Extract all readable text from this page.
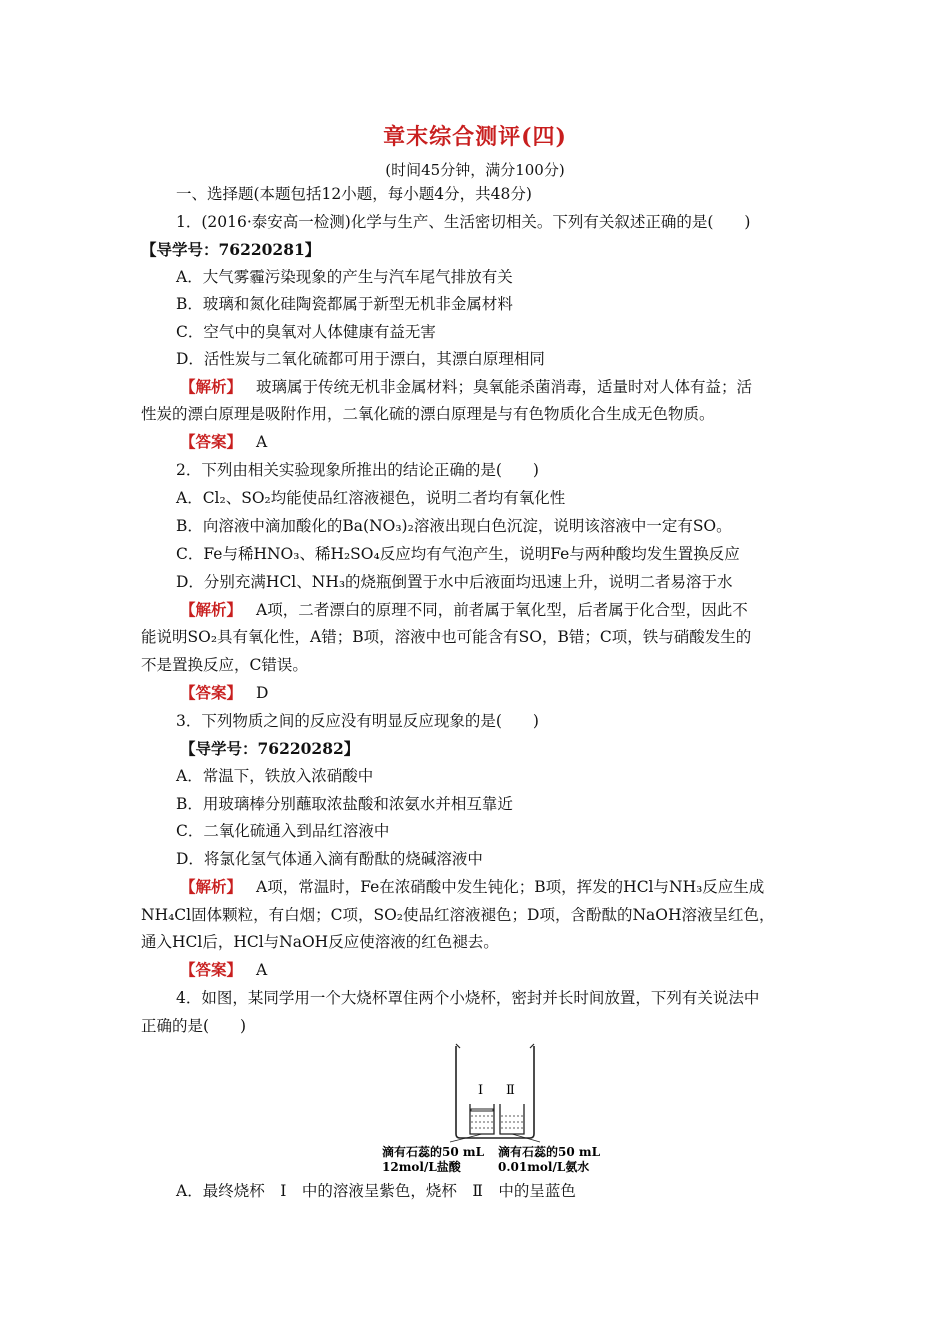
章末综合测评(四)
(时间45分钟，满分100分)
一、选择题(本题包括12小题，每小题4分，共48分)
1．(2016·泰安高一检测)化学与生产、生活密切相关。下列有关叙述正确的是(　　)
【导学号：76220281】
A．大气雾霾污染现象的产生与汽车尾气排放有关
B．玻璃和氮化硅陶瓷都属于新型无机非金属材料
C．空气中的臭氧对人体健康有益无害
D．活性炭与二氧化硫都可用于漂白，其漂白原理相同
【解析】 玻璃属于传统无机非金属材料；臭氧能杀菌消毒，适量时对人体有益；活
性炭的漂白原理是吸附作用，二氧化硫的漂白原理是与有色物质化合生成无色物质。
【答案】 A
2．下列由相关实验现象所推出的结论正确的是(　　)
A．Cl₂、SO₂均能使品红溶液褪色，说明二者均有氧化性
B．向溶液中滴加酸化的Ba(NO₃)₂溶液出现白色沉淀，说明该溶液中一定有SO。
C．Fe与稀HNO₃、稀H₂SO₄反应均有气泡产生，说明Fe与两种酸均发生置换反应
D．分别充满HCl、NH₃的烧瓶倒置于水中后液面均迅速上升，说明二者易溶于水
【解析】 A项，二者漂白的原理不同，前者属于氧化型，后者属于化合型，因此不
能说明SO₂具有氧化性，A错；B项，溶液中也可能含有SO，B错；C项，铁与硝酸发生的
不是置换反应，C错误。
【答案】 D
3．下列物质之间的反应没有明显反应现象的是(　　)
【导学号：76220282】
A．常温下，铁放入浓硝酸中
B．用玻璃棒分别蘸取浓盐酸和浓氨水并相互靠近
C．二氧化硫通入到品红溶液中
D．将氯化氢气体通入滴有酚酞的烧碱溶液中
【解析】 A项，常温时，Fe在浓硝酸中发生钝化；B项，挥发的HCl与NH₃反应生成
NH₄Cl固体颗粒，有白烟；C项，SO₂使品红溶液褪色；D项，含酚酞的NaOH溶液呈红色，
通入HCl后，HCl与NaOH反应使溶液的红色褪去。
【答案】 A
4．如图，某同学用一个大烧杯罩住两个小烧杯，密封并长时间放置，下列有关说法中
正确的是(　　)
Ⅰ Ⅱ
滴有石蕊的50 mL
12mol/L盐酸
滴有石蕊的50 mL
0.01mol/L氨水
A．最终烧杯　Ⅰ　中的溶液呈紫色，烧杯　Ⅱ　中的呈蓝色
